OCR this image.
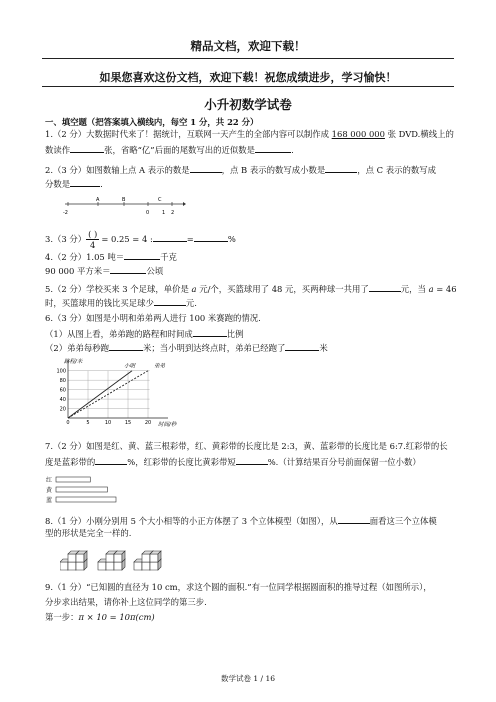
精品文档，欢迎下载！
如果您喜欢这份文档，欢迎下载！祝您成绩进步，学习愉快！
小升初数学试卷
一、填空题（把答案填入横线内，每空 1 分，共 22 分）
1.（2 分）大数据时代来了！据统计，互联网一天产生的全部内容可以制作成 168 000 000 张 DVD.横线上的
数读作	张，省略“亿”后面的尾数写出的近似数是	.
2.（3 分）如图数轴上点 A 表示的数是	，点 B 表示的数写成小数是	，点 C 表示的数写成
分数是	.
-2	0	1 2
A	B	C
3.（3 分） $\frac{( )}{4} = 0.25 = 4$ :	=	%
4.（2 分）1.05 吨＝	千克
90 000 平方米＝	公顷
5.（2 分）学校买来 3 个足球，单价是 a 元/个，买篮球用了 48 元，买两种球一共用了	元，当 a = 46
时，买篮球用的钱比买足球少	元.
6.（3 分）如图是小明和弟弟两人进行 100 米赛跑的情况.
（1）从图上看，弟弟跑的路程和时间成	比例
（2）弟弟每秒跑	米；当小明到达终点时，弟弟已经跑了	米
路程/米
时间/秒
20
40
60
80
100
0	5	10	15	20
小明	弟弟
7.（2 分）如图是红、黄、蓝三根彩带，红、黄彩带的长度比是 2:3，黄、蓝彩带的长度比是 6:7.红彩带的长
度是蓝彩带的	%，红彩带的长度比黄彩带短	%.（计算结果百分号前面保留一位小数）
红
黄
蓝
8.（1 分）小刚分别用 5 个大小相等的小正方体摆了 3 个立体模型（如图），从	面看这三个立体模
型的形状是完全一样的.
9.（1 分）“已知圆的直径为 10 cm，求这个圆的面积.”有一位同学根据圆面积的推导过程（如图所示），
分步求出结果，请你补上这位同学的第三步.
第一步：π × 10 = 10π(cm)
数学试卷 1 / 16
